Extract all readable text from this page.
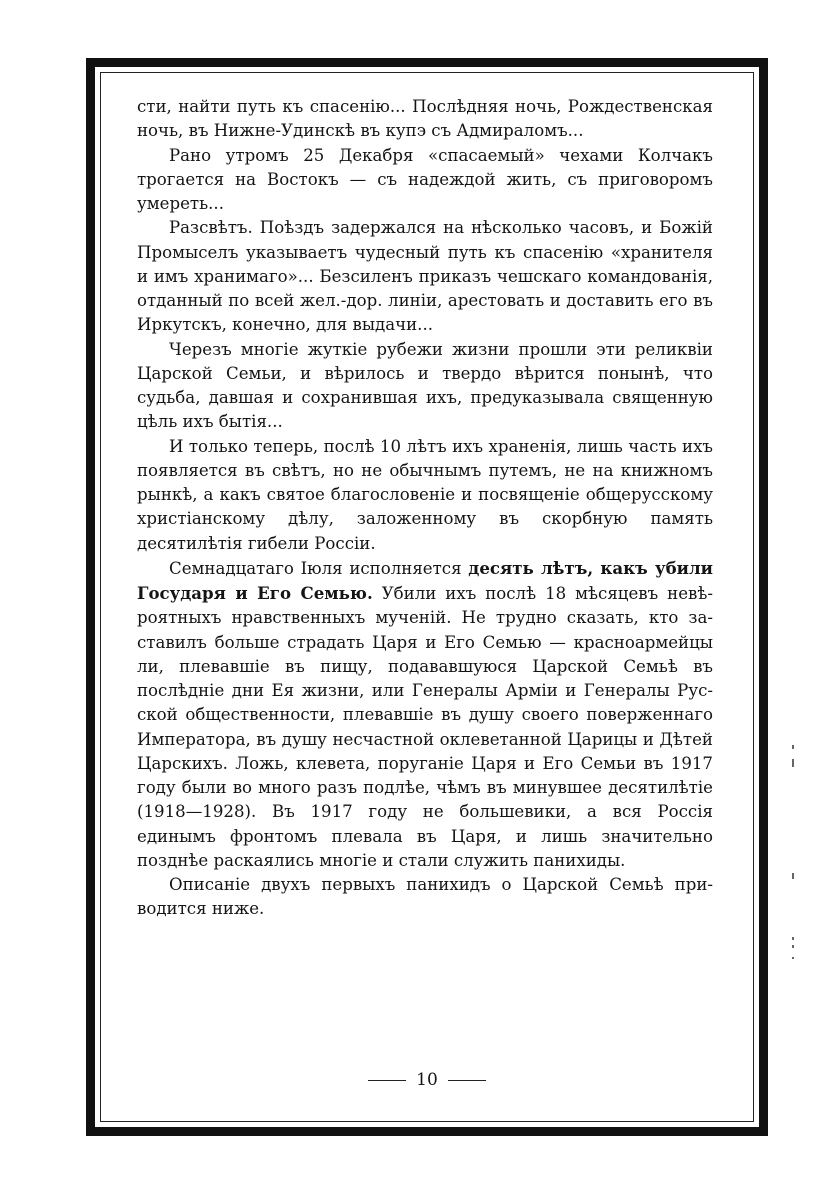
сти, найти путь къ спасенію... Послѣдняя ночь, Рождественская ночь, въ Нижне-Удинскѣ въ купэ съ Адмираломъ...

Рано утромъ 25 Декабря «спасаемый» чехами Колчакъ трогается на Востокъ — съ надеждой жить, съ приговоромъ умереть...

Разсвѣтъ. Поѣздъ задержался на нѣсколько часовъ, и Божій Промыселъ указываетъ чудесный путь къ спасенію «хранителя и имъ хранимаго»... Безсиленъ приказъ чешскаго командованія, отданный по всей жел.-дор. линіи, арестовать и доставить его въ Иркутскъ, конечно, для выдачи...

Черезъ многіе жуткіе рубежи жизни прошли эти реликвіи Царской Семьи, и вѣрилось и твердо вѣрится понынѣ, что судьба, давшая и сохранившая ихъ, предуказывала священную цѣль ихъ бытія...

И только теперь, послѣ 10 лѣтъ ихъ храненія, лишь часть ихъ появляется въ свѣтъ, но не обычнымъ путемъ, не на книжномъ рынкѣ, а какъ святое благословеніе и посвященіе общерусскому христіанскому дѣлу, заложенному въ скорбную память десятилѣтія гибели Россіи.

Семнадцатаго Іюля исполняется десять лѣтъ, какъ убили Государя и Его Семью. Убили ихъ послѣ 18 мѣсяцевъ невѣроятныхъ нравственныхъ мученій. Не трудно сказать, кто заставилъ больше страдать Царя и Его Семью — красноармейцы ли, плевавшіе въ пищу, подававшуюся Царской Семьѣ въ послѣдніе дни Ея жизни, или Генералы Арміи и Генералы Русской общественности, плевавшіе въ душу своего поверженнаго Императора, въ душу несчастной оклеветанной Царицы и Дѣтей Царскихъ. Ложь, клевета, поруганіе Царя и Его Семьи въ 1917 году были во много разъ подлѣе, чѣмъ въ минувшее десятилѣтіе (1918—1928). Въ 1917 году не большевики, а вся Россія единымъ фронтомъ плевала въ Царя, и лишь значительно позднѣе раскаялись многіе и стали служить панихиды.

Описаніе двухъ первыхъ панихидъ о Царской Семьѣ приводится ниже.

10
